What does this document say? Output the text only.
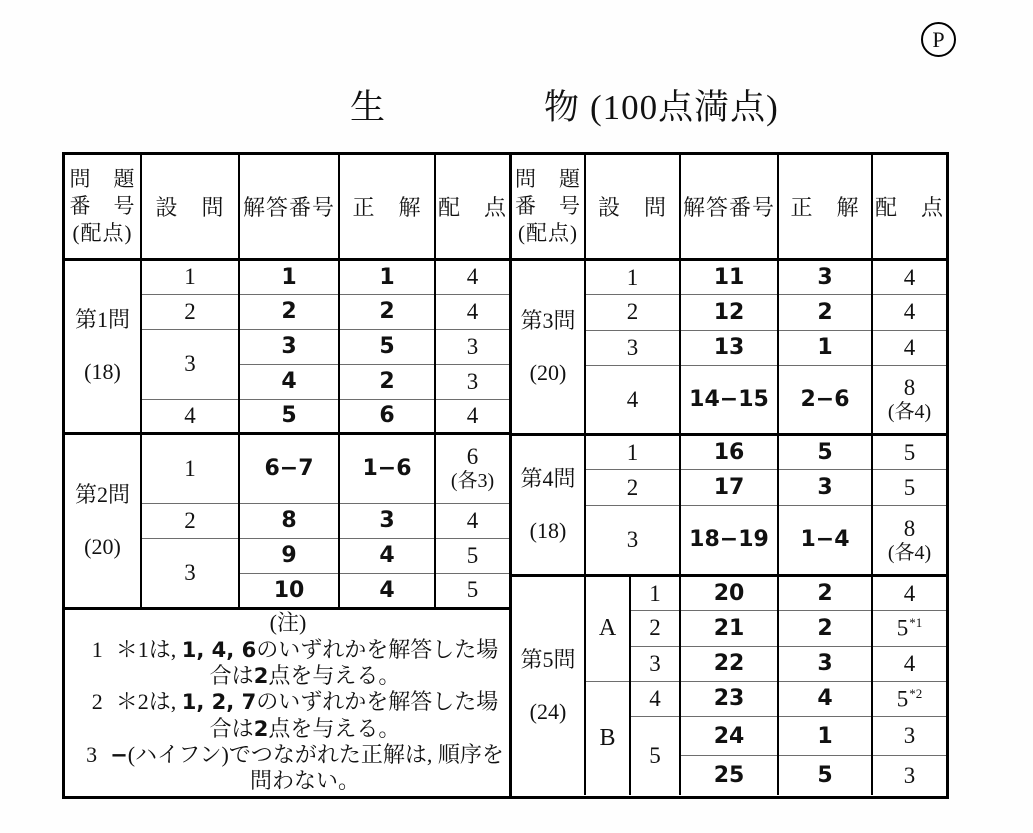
P
生	物 (100点満点)
問　題
番　号
(配点)	設　問	解答番号	正　解	配　点

第1問
(18)	1	1	1	4
	2	2	2	4
	3	3	5	3
		4	2	3
	4	5	6	4

第2問
(20)
	1	6−7	1−6	6
(各3)

	2	8	3	4
	3	9	4	5
		10	4	5

(注)
1 ＊1は, 1, 4, 6のいずれかを解答した場合は2点を与える。
2 ＊2は, 1, 2, 7のいずれかを解答した場合は2点を与える。
3 −(ハイフン)でつながれた正解は, 順序を問わない。				
問　題
番　号
(配点)	設　問		解答番号	正　解	配　点

第3問
(20)	1		11	3	4
	2		12	2	4
	3		13	1	4
	4		14−15	2−6	8
(各4)

第4問
(18)	1		16	5	5
	2		17	3	5
	3		18−19	1−4	8
(各4)

第5問
(24)	A	1	20	2	4
		2	21	2	5$^{*1}$
		3	22	3	4
	B	4	23	4	5$^{*2}$
		5	24	1	3
			25	5	3
